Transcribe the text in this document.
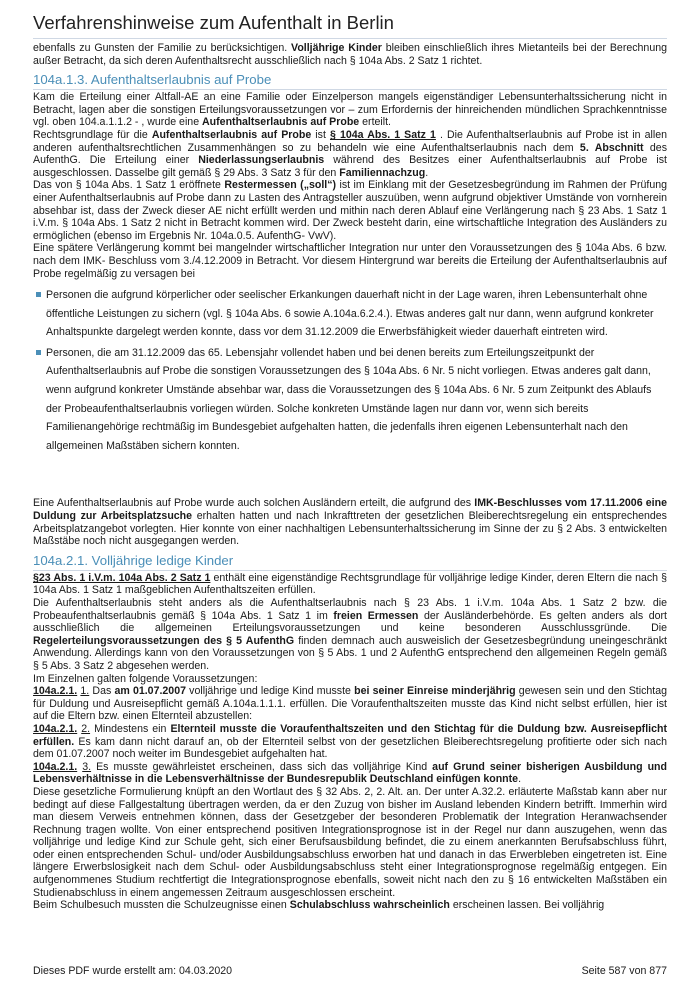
Verfahrenshinweise zum Aufenthalt in Berlin

ebenfalls zu Gunsten der Familie zu berücksichtigen. Volljährige Kinder bleiben einschließlich ihres Mietanteils bei der Berechnung außer Betracht, da sich deren Aufenthaltsrecht ausschließlich nach § 104a Abs. 2 Satz 1 richtet.

104a.1.3. Aufenthaltserlaubnis auf Probe

Kam die Erteilung einer Altfall-AE an eine Familie oder Einzelperson mangels eigenständiger Lebensunterhaltssicherung nicht in Betracht, lagen aber die sonstigen Erteilungsvoraussetzungen vor – zum Erfordernis der hinreichenden mündlichen Sprachkenntnisse vgl. oben 104.a.1.1.2 - , wurde eine Aufenthaltserlaubnis auf Probe erteilt.

Rechtsgrundlage für die Aufenthaltserlaubnis auf Probe ist § 104a Abs. 1 Satz 1 . Die Aufenthaltserlaubnis auf Probe ist in allen anderen aufenthaltsrechtlichen Zusammenhängen so zu behandeln wie eine Aufenthaltserlaubnis nach dem 5. Abschnitt des AufenthG. Die Erteilung einer Niederlassungserlaubnis während des Besitzes einer Aufenthaltserlaubnis auf Probe ist ausgeschlossen. Dasselbe gilt gemäß § 29 Abs. 3 Satz 3 für den Familiennachzug.

Das von § 104a Abs. 1 Satz 1 eröffnete Restermessen („soll“) ist im Einklang mit der Gesetzesbegründung im Rahmen der Prüfung einer Aufenthaltserlaubnis auf Probe dann zu Lasten des Antragsteller auszuüben, wenn aufgrund objektiver Umstände von vornherein absehbar ist, dass der Zweck dieser AE nicht erfüllt werden und mithin nach deren Ablauf eine Verlängerung nach § 23 Abs. 1 Satz 1 i.V.m. § 104a Abs. 1 Satz 2 nicht in Betracht kommen wird. Der Zweck besteht darin, eine wirtschaftliche Integration des Ausländers zu ermöglichen (ebenso im Ergebnis Nr. 104a.0.5. AufenthG- VwV).

Eine spätere Verlängerung kommt bei mangelnder wirtschaftlicher Integration nur unter den Voraussetzungen des § 104a Abs. 6 bzw. nach dem IMK- Beschluss vom 3./4.12.2009 in Betracht. Vor diesem Hintergrund war bereits die Erteilung der Aufenthaltserlaubnis auf Probe regelmäßig zu versagen bei

Personen die aufgrund körperlicher oder seelischer Erkankungen dauerhaft nicht in der Lage waren, ihren Lebensunterhalt ohne öffentliche Leistungen zu sichern (vgl. § 104a Abs. 6 sowie A.104a.6.2.4.). Etwas anderes galt nur dann, wenn aufgrund konkreter Anhaltspunkte dargelegt werden konnte, dass vor dem 31.12.2009 die Erwerbsfähigkeit wieder dauerhaft eintreten wird.
Personen, die am 31.12.2009 das 65. Lebensjahr vollendet haben und bei denen bereits zum Erteilungszeitpunkt der Aufenthaltserlaubnis auf Probe die sonstigen Voraussetzungen des § 104a Abs. 6 Nr. 5 nicht vorliegen. Etwas anderes galt dann, wenn aufgrund konkreter Umstände absehbar war, dass die Voraussetzungen des § 104a Abs. 6 Nr. 5 zum Zeitpunkt des Ablaufs der Probeaufenthaltserlaubnis vorliegen würden. Solche konkreten Umstände lagen nur dann vor, wenn sich bereits Familienangehörige rechtmäßig im Bundesgebiet aufgehalten hatten, die jedenfalls ihren eigenen Lebensunterhalt nach den allgemeinen Maßstäben sichern konnten.

Eine Aufenthaltserlaubnis auf Probe wurde auch solchen Ausländern erteilt, die aufgrund des IMK-Beschlusses vom 17.11.2006 eine Duldung zur Arbeitsplatzsuche erhalten hatten und nach Inkrafttreten der gesetzlichen Bleiberechtsregelung ein entsprechendes Arbeitsplatzangebot vorlegten. Hier konnte von einer nachhaltigen Lebensunterhaltssicherung im Sinne der zu § 2 Abs. 3 entwickelten Maßstäbe noch nicht ausgegangen werden.

104a.2.1. Volljährige ledige Kinder

§23 Abs. 1 i.V.m. 104a Abs. 2 Satz 1 enthält eine eigenständige Rechtsgrundlage für volljährige ledige Kinder, deren Eltern die nach § 104a Abs. 1 Satz 1 maßgeblichen Aufenthaltszeiten erfüllen.

Die Aufenthaltserlaubnis steht anders als die Aufenthaltserlaubnis nach § 23 Abs. 1 i.V.m. 104a Abs. 1 Satz 2 bzw. die Probeaufenthaltserlaubnis gemäß § 104a Abs. 1 Satz 1 im freien Ermessen der Ausländerbehörde. Es gelten anders als dort ausschließlich die allgemeinen Erteilungsvoraussetzungen und keine besonderen Ausschlussgründe. Die Regelerteilungsvoraussetzungen des § 5 AufenthG finden demnach auch ausweislich der Gesetzesbegründung uneingeschränkt Anwendung. Allerdings kann von den Voraussetzungen von § 5 Abs. 1 und 2 AufenthG entsprechend den allgemeinen Regeln gemäß § 5 Abs. 3 Satz 2 abgesehen werden.

Im Einzelnen galten folgende Voraussetzungen:

104a.2.1. 1. Das am 01.07.2007 volljährige und ledige Kind musste bei seiner Einreise minderjährig gewesen sein und den Stichtag für Duldung und Ausreisepflicht gemäß A.104a.1.1.1. erfüllen. Die Voraufenthaltszeiten musste das Kind nicht selbst erfüllen, hier ist auf die Eltern bzw. einen Elternteil abzustellen:

104a.2.1. 2. Mindestens ein Elternteil musste die Voraufenthaltszeiten und den Stichtag für die Duldung bzw. Ausreisepflicht erfüllen. Es kam dann nicht darauf an, ob der Elternteil selbst von der gesetzlichen Bleiberechtsregelung profitierte oder sich nach dem 01.07.2007 noch weiter im Bundesgebiet aufgehalten hat.

104a.2.1. 3. Es musste gewährleistet erscheinen, dass sich das volljährige Kind auf Grund seiner bisherigen Ausbildung und Lebensverhältnisse in die Lebensverhältnisse der Bundesrepublik Deutschland einfügen konnte.

Diese gesetzliche Formulierung knüpft an den Wortlaut des § 32 Abs. 2, 2. Alt. an. Der unter A.32.2. erläuterte Maßstab kann aber nur bedingt auf diese Fallgestaltung übertragen werden, da er den Zuzug von bisher im Ausland lebenden Kindern betrifft. Immerhin wird man diesem Verweis entnehmen können, dass der Gesetzgeber der besonderen Problematik der Integration Heranwachsender Rechnung tragen wollte. Von einer entsprechend positiven Integrationsprognose ist in der Regel nur dann auszugehen, wenn das volljährige und ledige Kind zur Schule geht, sich einer Berufsausbildung befindet, die zu einem anerkannten Berufsabschluss führt, oder einen entsprechenden Schul- und/oder Ausbildungsabschluss erworben hat und danach in das Erwerbleben eingetreten ist. Eine längere Erwerbslosigkeit nach dem Schul- oder Ausbildungsabschluss steht einer Integrationsprognose regelmäßig entgegen. Ein aufgenommenes Studium rechtfertigt die Integrationsprognose ebenfalls, soweit nicht nach den zu § 16 entwickelten Maßstäben ein Studienabschluss in einem angemessen Zeitraum ausgeschlossen erscheint.

Beim Schulbesuch mussten die Schulzeugnisse einen Schulabschluss wahrscheinlich erscheinen lassen. Bei volljährig

Dieses PDF wurde erstellt am: 04.03.2020	Seite 587 von 877
